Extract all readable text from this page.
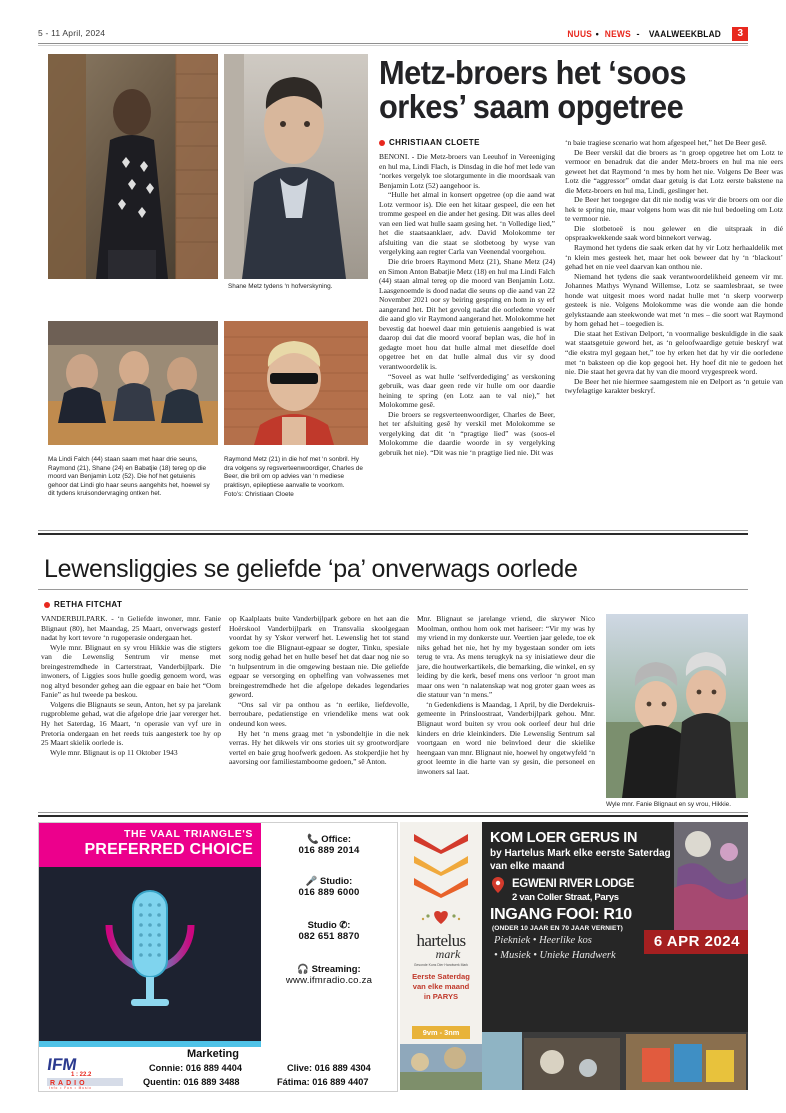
5 - 11 April, 2024	NUUS • NEWS - VAALWEEKBLAD	3
Shane Metz tydens ‘n hofverskyning.
Ma Lindi Falch (44) staan saam met haar drie seuns, Raymond (21), Shane (24) en Babatjie (18) tereg op die moord van Benjamin Lotz (52). Die hof het getuienis gehoor dat Lindi glo haar seuns aangehits het, hoewel sy dit tydens kruisondervraging ontken het.
Raymond Metz (21) in die hof met ‘n sonbril. Hy dra volgens sy regsverteenwoordiger, Charles de Beer, die bril om op advies van ‘n mediese praktisyn, epileptiese aanvalle te voorkom.
Foto’s: Christiaan Cloete
Metz-broers het ‘soos orkes’ saam opgetree
CHRISTIAAN CLOETE

BENONI. - Die Metz-broers van Leeuhof in Vereeniging en hul ma, Lindi Flach, is Dinsdag in die hof met lede van ‘norkes vergelyk toe slotargumente in die moordsaak van Benjamin Lotz (52) aangehoor is.

“Hulle het almal in konsert opgetree (op die aand wat Lotz vermoor is). Die een het kitaar gespeel, die een het tromme gespeel en die ander het gesing. Dit was alles deel van een lied wat hulle saam gesing het. ‘n Volledige lied,” het die staatsaanklaer, adv. David Molokomme ter afsluiting van die staat se slotbetoog by wyse van vergelyking aan regter Carla van Veenendal voorgehou.

Die drie broers Raymond Metz (21), Shane Metz (24) en Simon Anton Babatjie Metz (18) en hul ma Lindi Falch (44) staan almal tereg op die moord van Benjamin Lotz. Laasgenoemde is dood nadat die seuns op die aand van 22 November 2021 oor sy beiring gespring en hom in sy erf aangerand het. Dit het gevolg nadat die oorledene vroeër die aand glo vir Raymond aangerand het. Molokomme het bevestig dat hoewel daar min getuienis aangebied is wat daarop dui dat die moord vooraf beplan was, die hof in gedagte moet hou dat hulle almal met dieselfde doel opgetree het en dat hulle almal dus vir sy dood verantwoordelik is.

“Soveel as wat hulle ‘selfverdediging’ as verskoning gebruik, was daar geen rede vir hulle om oor daardie heining te spring (en Lotz aan te val nie),” het Molokomme gesê.

Die broers se regsverteenwoordiger, Charles de Beer, het ter afsluiting gesê hy verskil met Molokomme se vergelyking dat dit ‘n “pragtige lied” was (soos-el Molokomme die daardie woorde in sy vergelyking gebruik het nie). “Dit was nie ‘n pragtige lied nie. Dit was

‘n baie tragiese scenario wat hom afgespeel het,” het De Beer gesê.

De Beer verskil dat die broers as ‘n groep opgetree het om Lotz te vermoor en benadruk dat die ander Metz-broers en hul ma nie eers geweet het dat Raymond ‘n mes by hom het nie. Volgens De Beer was Lotz die “aggressor” omdat daar getuig is dat Lotz eerste bakstene na die Metz-broers en hul ma, Lindi, geslinger het.

De Beer het toegegee dat dit nie nodig was vir die broers om oor die hek te spring nie, maar volgens hom was dit nie hul bedoeling om Lotz te vermoor nie.

Die slotbetoeë is nou gelewer en die uitspraak in dié opspraakwekkende saak word binnekort verwag.

Raymond het tydens die saak erken dat hy vir Lotz herhaaldelik met ‘n klein mes gesteek het, maar het ook beweer dat hy ‘n ‘blackout’ gehad het en nie veel daarvan kan onthou nie.

Niemand het tydens die saak verantwoordelikheid geneem vir mr. Johannes Mathys Wynand Willemse, Lotz se saamlesbraat, se twee honde wat uitgesit moes word nadat hulle met ‘n skerp voorwerp gesteek is nie. Volgens Molokomme was die wonde aan die honde gelykstaande aan steekwonde wat met ‘n mes – die soort wat Raymond by hom gehad het – toegedien is.

Die staat het Estivan Delport, ‘n voormalige beskuldigde in die saak wat staatsgetuie geword het, as ‘n geloofwaardige getuie beskryf wat “die ekstra myl gegaan het,” toe hy erken het dat hy vir die oorledene met ‘n baksteen op die kop gegooi het. Hy hoef dit nie te gedoen het nie. Die staat het gevra dat hy van die moord vrygespreek word.

De Beer het nie hiermee saamgestem nie en Delport as ‘n getuie van twyfelagtige karakter beskryf.

Lewensliggies se geliefde ‘pa’ onverwags oorlede
RETHA FITCHAT

VANDERBIJLPARK. - ‘n Geliefde inwoner, mnr. Fanie Blignaut (80), het Maandag, 25 Maart, onverwags gesterf nadat hy kort tevore ‘n rugoperasie ondergaan het.

Wyle mnr. Blignaut en sy vrou Hikkie was die stigters van die Lewenslig Sentrum vir mense met breingestremdhede in Carterstraat, Vanderbijlpark. Die inwoners, of Liggies soos hulle goedig genoem word, was nog altyd besonder geheg aan die egpaar en baie het “Oom Fanie” as hul tweede pa beskou.

Volgens die Blignauts se seun, Anton, het sy pa jarelank rugprobleme gehad, wat die afgelope drie jaar vererger het. Hy het Saterdag, 16 Maart, ‘n operasie van vyf ure in Pretoria ondergaan en het reeds tuis aangesterk toe hy op 25 Maart skielik oorlede is.

Wyle mnr. Blignaut is op 11 Oktober 1943

op Kaalplaats buite Vanderbijlpark gebore en het aan die Hoërskool Vanderbijlpark en Transvalia skoolgegaan voordat hy sy Yskor verwerf het. Lewenslig het tot stand gekom toe die Blignaut-egpaar se dogter, Tinku, spesiale sorg nodig gehad het en hulle besef het dat daar nog nie so ‘n hulpsentrum in die omgewing bestaan nie. Die geliefde egpaar se versorging en ophelfing van volwassenes met breingestremdhede het die afgelope dekades legendaries geword.

“Ons sal vir pa onthou as ‘n eerlike, liefdevolle, berroubare, pedatienstige en vriendelike mens wat ook ondeund kon wees.

Hy het ‘n mens graag met ‘n ysbondeltjie in die nek verras. Hy het dikwels vir ons stories uit sy grootwordjare vertel en baie grug hoofwerk gedoen. As stokperdjie het hy aavorsing oor familiestamboome gedoen,” sê Anton.

Mnr. Blignaut se jarelange vriend, die skrywer Nico Moolman, onthou hom ook met hariseer: “Vir my was hy my vriend in my donkerste uur. Veertien jaar gelede, toe ek niks gehad het nie, het hy my bygestaan sonder om iets terug te vra. As mens terugkyk na sy inisiatiewe deur die jare, die houtwerkartikels, die bemarking, die winkel, en sy leiding by die kerk, besef mens ons verloor ‘n groot man maar ons wen ‘n nalatenskap wat nog groter gaan wees as die statuur van ‘n mens.”

‘n Gedenkdiens is Maandag, 1 April, by die Derdekruis-gemeente in Prinsloostraat, Vanderbijlpark gehou. Mnr. Blignaut word buiten sy vrou ook oorleef deur hul drie kinders en drie kleinkinders. Die Lewenslig Sentrum sal voortgaan en word nie beïnvloed deur die skielike heengaan van mnr. Blignaut nie, hoewel hy ongetwyfeld ‘n groot leemte in die harte van sy gesin, die personeel en inwoners sal laat.

Wyle mnr. Fanie Blignaut en sy vrou, Hikkie.
THE VAAL TRIANGLE'S
PREFERRED CHOICE
📞 Office:
016 889 2014
🎤 Studio:
016 889 6000
Studio ✆:
082 651 8870
🎧 Streaming:
www.ifmradio.co.za
IFM
1 : 22.2
RADIO
Info • Fun • Music
Marketing
Connie: 016 889 4404	Clive: 016 889 4304
Quentin: 016 889 3488	Fátima: 016 889 4407
hartelus
mark
Gesonde Kuns Dier Handwerk Mark
Eerste Saterdag
van elke maand
in PARYS
9vm - 3nm
KOM LOER GERUS IN
by Hartelus Mark elke eerste Saterdag van elke maand
EGWENI RIVER LODGE
2 van Coller Straat, Parys
INGANG FOOI: R10
(ONDER 10 JAAR EN 70 JAAR VERNIET)
Piekniek • Heerlike kos
• Musiek • Unieke Handwerk
6 APR 2024
